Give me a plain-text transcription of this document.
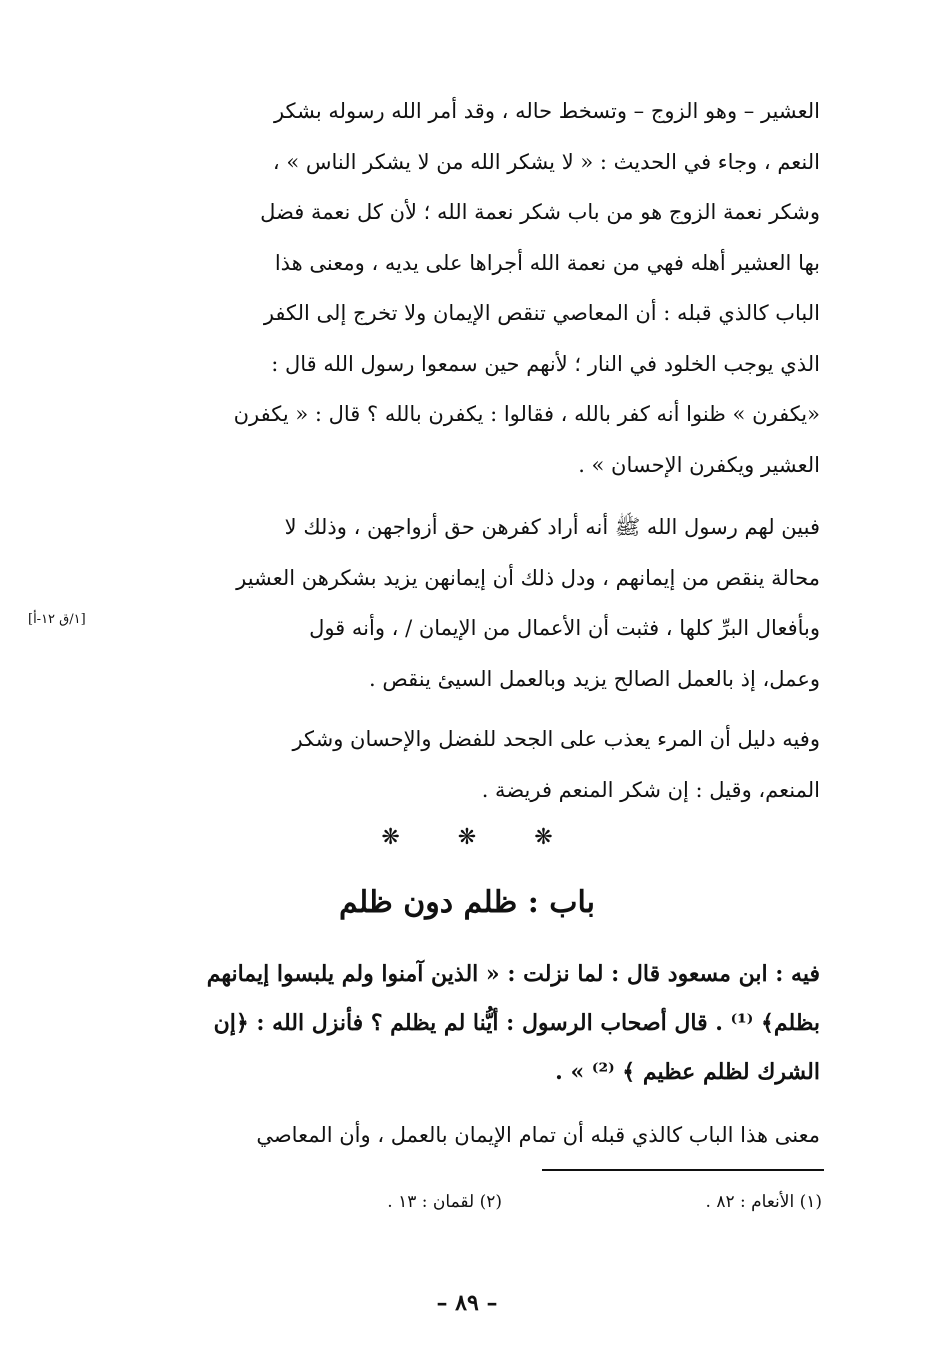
العشير – وهو الزوج – وتسخط حاله ، وقد أمر الله رسوله بشكر
النعم ، وجاء في الحديث : « لا يشكر الله من لا يشكر الناس » ،
وشكر نعمة الزوج هو من باب شكر نعمة الله ؛ لأن كل نعمة فضل
بها العشير أهله فهي من نعمة الله أجراها على يديه ، ومعنى هذا
الباب كالذي قبله : أن المعاصي تنقص الإيمان ولا تخرج إلى الكفر
الذي يوجب الخلود في النار ؛ لأنهم حين سمعوا رسول الله قال :
«يكفرن » ظنوا أنه كفر بالله ، فقالوا : يكفرن بالله ؟ قال : « يكفرن
العشير ويكفرن الإحسان » .
فبين لهم رسول الله ﷺ أنه أراد كفرهن حق أزواجهن ، وذلك لا
محالة ينقص من إيمانهم ، ودل ذلك أن إيمانهن يزيد بشكرهن العشير
وبأفعال البرِّ كلها ، فثبت أن الأعمال من الإيمان / ، وأنه قول
وعمل، إذ بالعمل الصالح يزيد وبالعمل السيئ ينقص .
[١/ق ١٢-أ]
وفيه دليل أن المرء يعذب على الجحد للفضل والإحسان وشكر
المنعم، وقيل : إن شكر المنعم فريضة .
❋❋❋
باب : ظلم دون ظلم
فيه : ابن مسعود قال : لما نزلت : « الذين آمنوا ولم يلبسوا إيمانهم
بظلم﴾ ⁽¹⁾ . قال أصحاب الرسول : أيُّنا لم يظلم ؟ فأنزل الله : ﴿إن
الشرك لظلم عظيم ﴾ ⁽²⁾ » .
معنى هذا الباب كالذي قبله أن تمام الإيمان بالعمل ، وأن المعاصي
(١) الأنعام : ٨٢ .
(٢) لقمان : ١٣ .
– ٨٩ –
